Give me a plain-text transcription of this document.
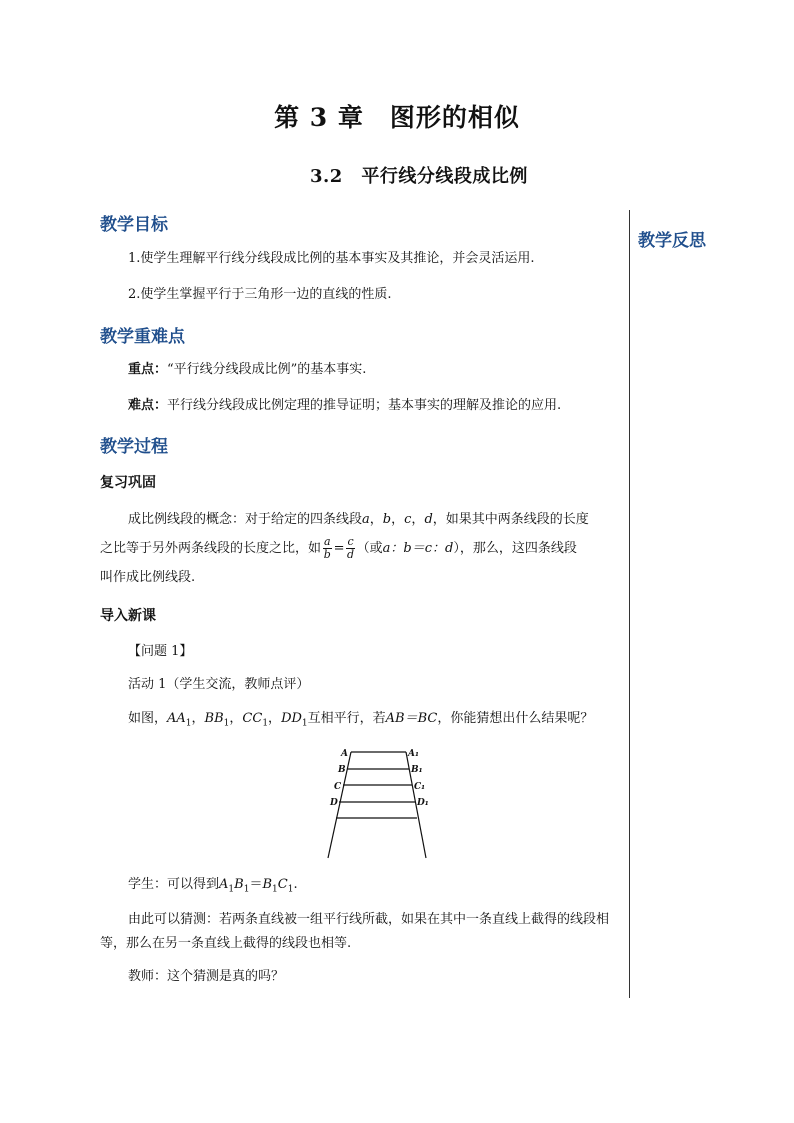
第 3 章　图形的相似
3.2　平行线分线段成比例
教学反思
教学目标
1.使学生理解平行线分线段成比例的基本事实及其推论，并会灵活运用.
2.使学生掌握平行于三角形一边的直线的性质.
教学重难点
重点：“平行线分线段成比例”的基本事实.
难点：平行线分线段成比例定理的推导证明；基本事实的理解及推论的应用.
教学过程
复习巩固
成比例线段的概念：对于给定的四条线段a，b，c，d，如果其中两条线段的长度
之比等于另外两条线段的长度之比，如 $\frac{a}{b} = \frac{c}{d}$ （或a：b＝c：d），那么，这四条线段
叫作成比例线段.
导入新课
【问题 1】
活动 1（学生交流，教师点评）
如图，$AA_1$，$BB_1$，$CC_1$，$DD_1$互相平行，若AB＝BC，你能猜想出什么结果呢？
A
B
C
D
A₁
B₁
C₁
D₁
学生：可以得到$A_1B_1=B_1C_1$.
由此可以猜测：若两条直线被一组平行线所截，如果在其中一条直线上截得的线段相等，那么在另一条直线上截得的线段也相等.
教师：这个猜测是真的吗？
